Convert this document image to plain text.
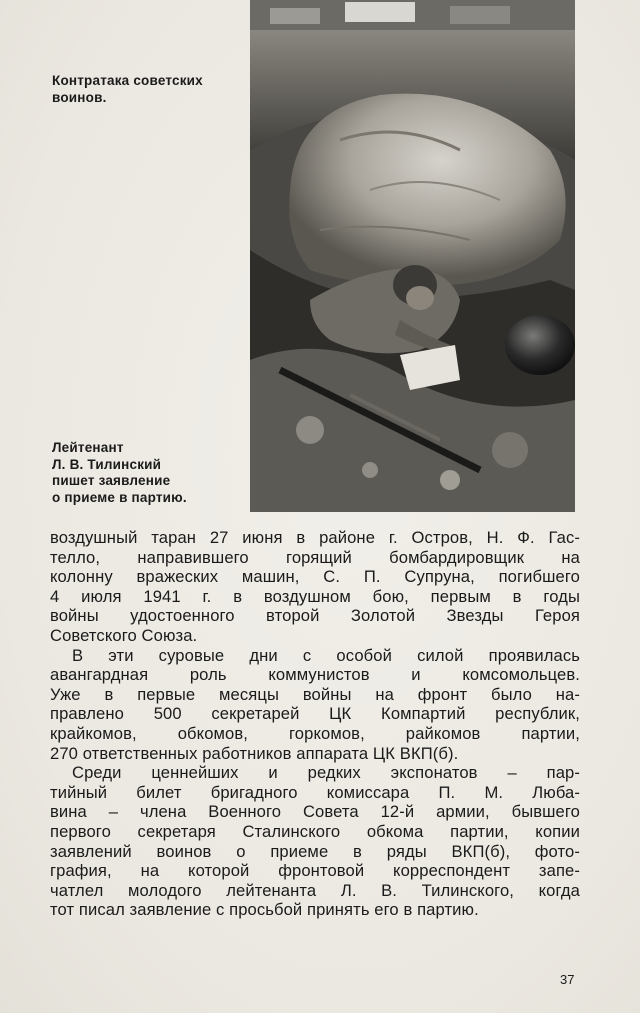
Контратака советских
воинов.

Лейтенант
Л. В. Тилинский
пишет заявление
о приеме в партию.

воздушный таран 27 июня в районе г. Остров, Н. Ф. Гас-
телло, направившего горящий бомбардировщик на
колонну вражеских машин, С. П. Супруна, погибшего
4 июля 1941 г. в воздушном бою, первым в годы
войны удостоенного второй Золотой Звезды Героя
Советского Союза.
В эти суровые дни с особой силой проявилась
авангардная роль коммунистов и комсомольцев.
Уже в первые месяцы войны на фронт было на-
правлено 500 секретарей ЦК Компартий республик,
крайкомов, обкомов, горкомов, райкомов партии,
270 ответственных работников аппарата ЦК ВКП(б).
Среди ценнейших и редких экспонатов – пар-
тийный билет бригадного комиссара П. М. Люба-
вина – члена Военного Совета 12-й армии, бывшего
первого секретаря Сталинского обкома партии, копии
заявлений воинов о приеме в ряды ВКП(б), фото-
графия, на которой фронтовой корреспондент запе-
чатлел молодого лейтенанта Л. В. Тилинского, когда
тот писал заявление с просьбой принять его в партию.

37
